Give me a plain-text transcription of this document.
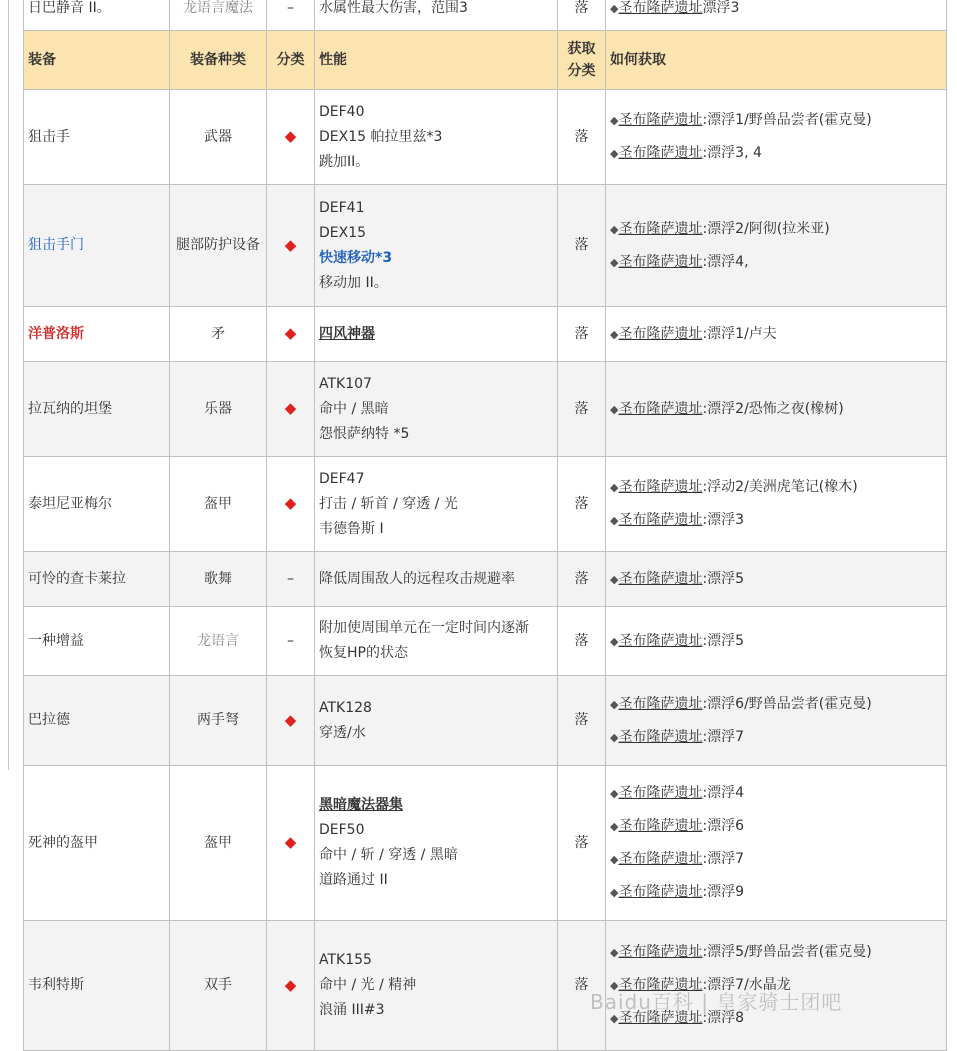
日巴静音 II。	龙语言魔法	–	水属性最大伤害，范围3	落	◆圣布隆萨遗址漂浮3
装备	装备种类	分类	性能	获取分类	如何获取
狙击手	武器	◆	DEF40
DEX15 帕拉里兹*3
跳加II。	落	◆圣布隆萨遗址:漂浮1/野兽品尝者(霍克曼)
◆圣布隆萨遗址:漂浮3, 4

狙击手门	腿部防护设备	◆	DEF41
DEX15
快速移动*3
移动加 II。	落	◆圣布隆萨遗址:漂浮2/阿彻(拉米亚)
◆圣布隆萨遗址:漂浮4,

洋普洛斯	矛	◆	四风神器	落	◆圣布隆萨遗址:漂浮1/卢夫

拉瓦纳的坦堡	乐器	◆	ATK107
命中 / 黑暗
怨恨萨纳特 *5	落	◆圣布隆萨遗址:漂浮2/恐怖之夜(橡树)

泰坦尼亚梅尔	盔甲	◆	DEF47
打击 / 斩首 / 穿透 / 光
韦德鲁斯 I	落	◆圣布隆萨遗址:浮动2/美洲虎笔记(橡木)
◆圣布隆萨遗址:漂浮3

可怜的查卡莱拉	歌舞	–	降低周围敌人的远程攻击规避率	落	◆圣布隆萨遗址:漂浮5

一种增益	龙语言	–	附加使周围单元在一定时间内逐渐
恢复HP的状态	落	◆圣布隆萨遗址:漂浮5

巴拉德	两手弩	◆	ATK128
穿透/水	落	◆圣布隆萨遗址:漂浮6/野兽品尝者(霍克曼)
◆圣布隆萨遗址:漂浮7

死神的盔甲	盔甲	◆	黑暗魔法器集
DEF50
命中 / 斩 / 穿透 / 黑暗
道路通过 II	落	◆圣布隆萨遗址:漂浮4
◆圣布隆萨遗址:漂浮6
◆圣布隆萨遗址:漂浮7
◆圣布隆萨遗址:漂浮9

韦利特斯	双手	◆	ATK155
命中 / 光 / 精神
浪涌 III#3	落	◆圣布隆萨遗址:漂浮5/野兽品尝者(霍克曼)
◆圣布隆萨遗址:漂浮7/水晶龙
◆圣布隆萨遗址:漂浮8
Baidu百科 | 皇家骑士团吧
